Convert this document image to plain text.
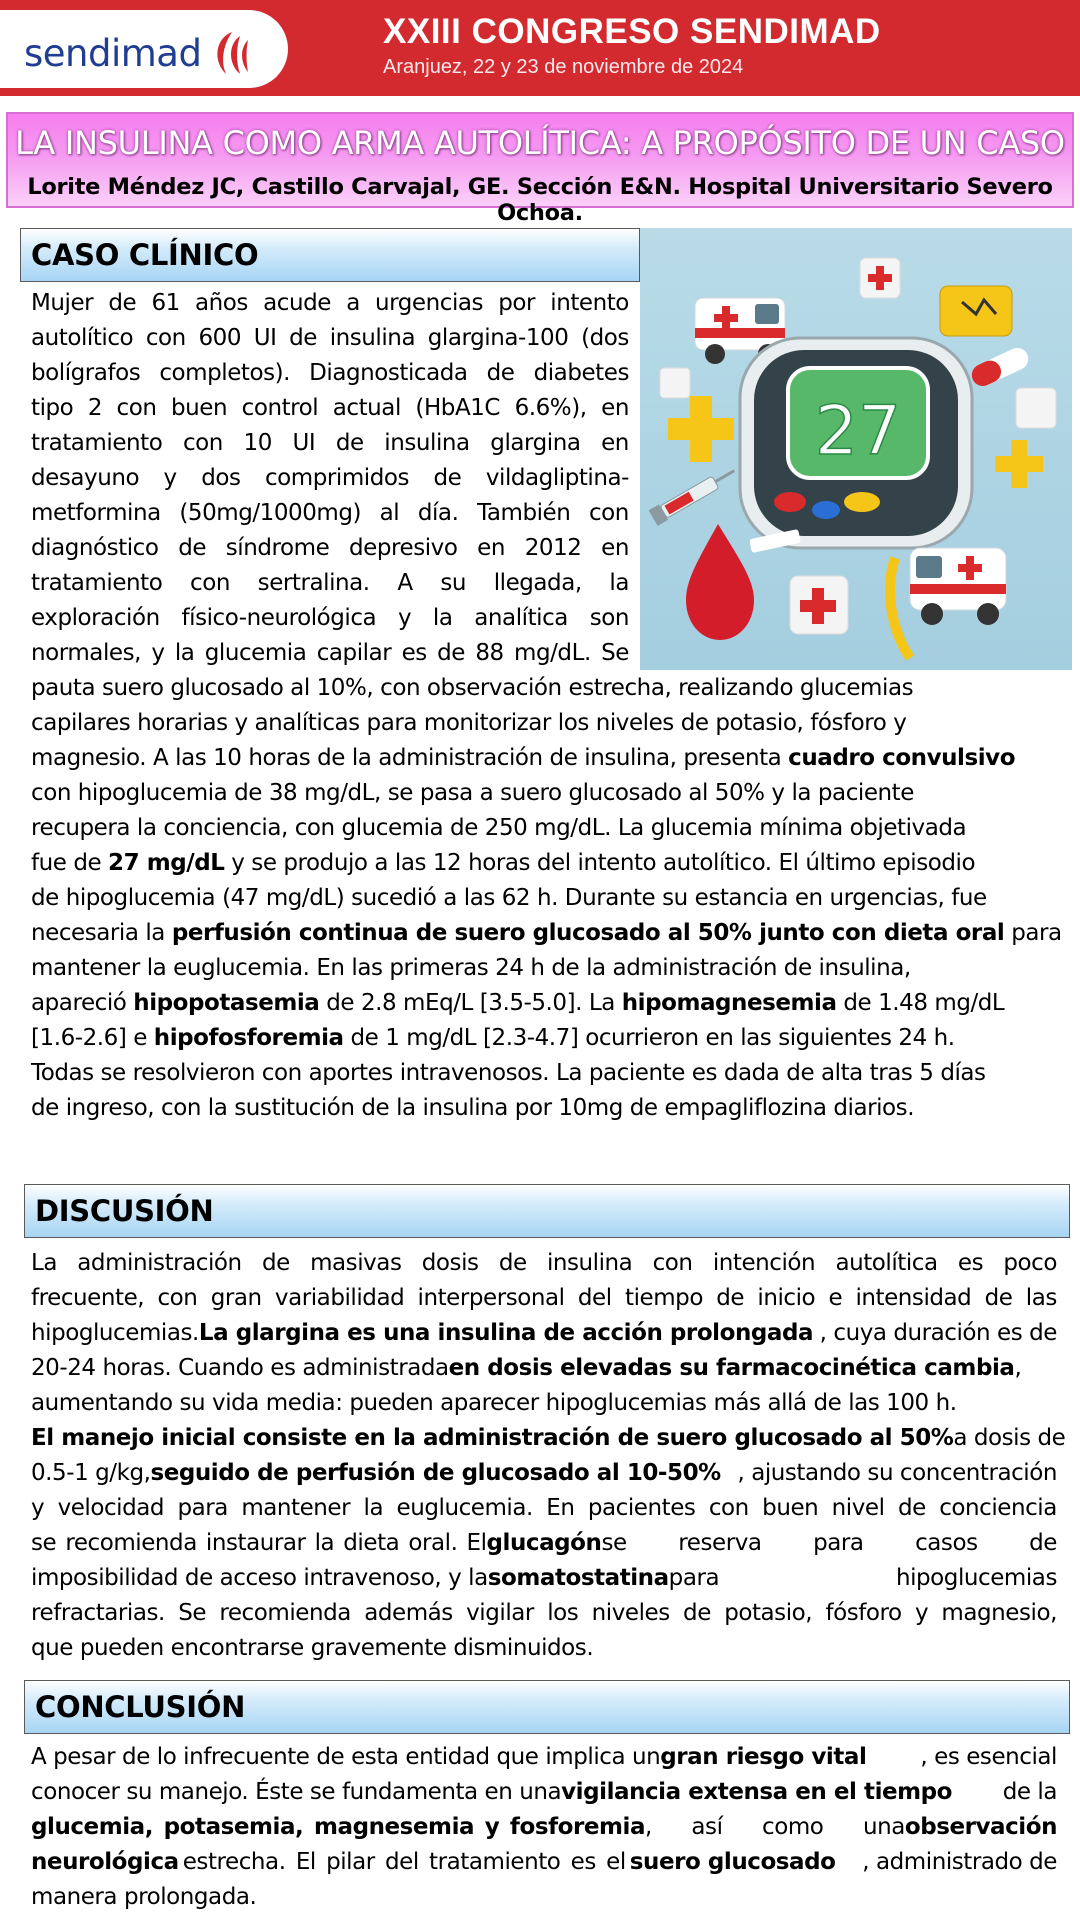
sendimad
XXIII CONGRESO SENDIMAD
Aranjuez, 22 y 23 de noviembre de 2024
LA INSULINA COMO ARMA AUTOLÍTICA: A PROPÓSITO DE UN CASO
Lorite Méndez JC, Castillo Carvajal, GE. Sección E&N. Hospital Universitario Severo Ochoa.
CASO CLÍNICO
27
Mujer de 61 años acude a urgencias por intento
autolítico con 600 UI de insulina glargina-100 (dos
bolígrafos completos). Diagnosticada de diabetes
tipo 2 con buen control actual (HbA1C 6.6%), en
tratamiento con 10 UI de insulina glargina en
desayuno y dos comprimidos de vildagliptina-
metformina (50mg/1000mg) al día. También con
diagnóstico de síndrome depresivo en 2012 en
tratamiento con sertralina. A su llegada, la
exploración físico-neurológica y la analítica son
normales, y la glucemia capilar es de 88 mg/dL. Se
pauta suero glucosado al 10%, con observación estrecha, realizando glucemias
capilares horarias y analíticas para monitorizar los niveles de potasio, fósforo y
magnesio. A las 10 horas de la administración de insulina, presenta cuadro convulsivo
con hipoglucemia de 38 mg/dL, se pasa a suero glucosado al 50% y la paciente
recupera la conciencia, con glucemia de 250 mg/dL. La glucemia mínima objetivada
fue de 27 mg/dL y se produjo a las 12 horas del intento autolítico. El último episodio
de hipoglucemia (47 mg/dL) sucedió a las 62 h. Durante su estancia en urgencias, fue
necesaria la perfusión continua de suero glucosado al 50% junto con dieta oral para
mantener la euglucemia. En las primeras 24 h de la administración de insulina,
apareció hipopotasemia de 2.8 mEq/L [3.5-5.0]. La hipomagnesemia de 1.48 mg/dL
[1.6-2.6] e hipofosforemia de 1 mg/dL [2.3-4.7] ocurrieron en las siguientes 24 h.
Todas se resolvieron con aportes intravenosos. La paciente es dada de alta tras 5 días
de ingreso, con la sustitución de la insulina por 10mg de empagliflozina diarios.
DISCUSIÓN
La administración de masivas dosis de insulina con intención autolítica es poco
frecuente, con gran variabilidad interpersonal del tiempo de inicio e intensidad de las
hipoglucemias. La glargina es una insulina de acción prolongada , cuya duración es de
20-24 horas. Cuando es administrada en dosis elevadas su farmacocinética cambia ,
aumentando su vida media: pueden aparecer hipoglucemias más allá de las 100 h.
El manejo inicial consiste en la administración de suero glucosado al 50% a dosis de
0.5-1 g/kg, seguido de perfusión de glucosado al 10-50% , ajustando su concentración
y velocidad para mantener la euglucemia. En pacientes con buen nivel de conciencia
se recomienda instaurar la dieta oral. El glucagón se reserva para casos de
imposibilidad de acceso intravenoso, y la somatostatina para hipoglucemias
refractarias. Se recomienda además vigilar los niveles de potasio, fósforo y magnesio,
que pueden encontrarse gravemente disminuidos.
CONCLUSIÓN
A pesar de lo infrecuente de esta entidad que implica un gran riesgo vital	, es esencial
conocer su manejo. Éste se fundamenta en una vigilancia extensa en el tiempo	de la
glucemia, potasemia, magnesemia y fosforemia , así como una observación
neurológica estrecha. El pilar del tratamiento es el suero glucosado	, administrado de
manera prolongada.
